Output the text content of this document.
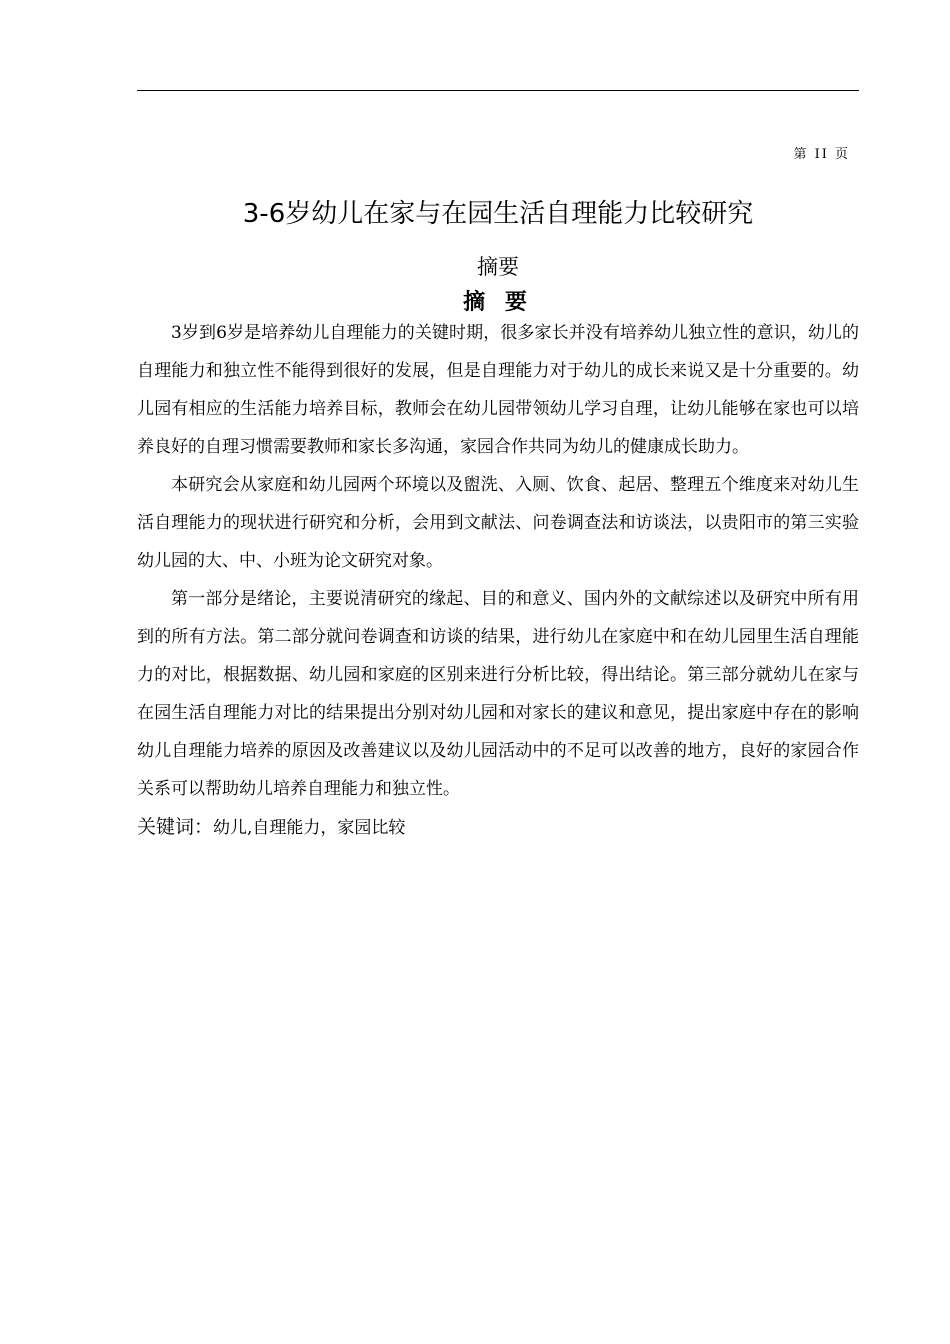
第 II 页
3-6岁幼儿在家与在园生活自理能力比较研究
摘要
摘 要

3岁到6岁是培养幼儿自理能力的关键时期，很多家长并没有培养幼儿独立性的意识，幼儿的自理能力和独立性不能得到很好的发展，但是自理能力对于幼儿的成长来说又是十分重要的。幼儿园有相应的生活能力培养目标，教师会在幼儿园带领幼儿学习自理，让幼儿能够在家也可以培养良好的自理习惯需要教师和家长多沟通，家园合作共同为幼儿的健康成长助力。

本研究会从家庭和幼儿园两个环境以及盥洗、入厕、饮食、起居、整理五个维度来对幼儿生活自理能力的现状进行研究和分析，会用到文献法、问卷调查法和访谈法，以贵阳市的第三实验幼儿园的大、中、小班为论文研究对象。

第一部分是绪论，主要说清研究的缘起、目的和意义、国内外的文献综述以及研究中所有用到的所有方法。第二部分就问卷调查和访谈的结果，进行幼儿在家庭中和在幼儿园里生活自理能力的对比，根据数据、幼儿园和家庭的区别来进行分析比较，得出结论。第三部分就幼儿在家与在园生活自理能力对比的结果提出分别对幼儿园和对家长的建议和意见，提出家庭中存在的影响幼儿自理能力培养的原因及改善建议以及幼儿园活动中的不足可以改善的地方，良好的家园合作关系可以帮助幼儿培养自理能力和独立性。

关键词：幼儿,自理能力，家园比较
